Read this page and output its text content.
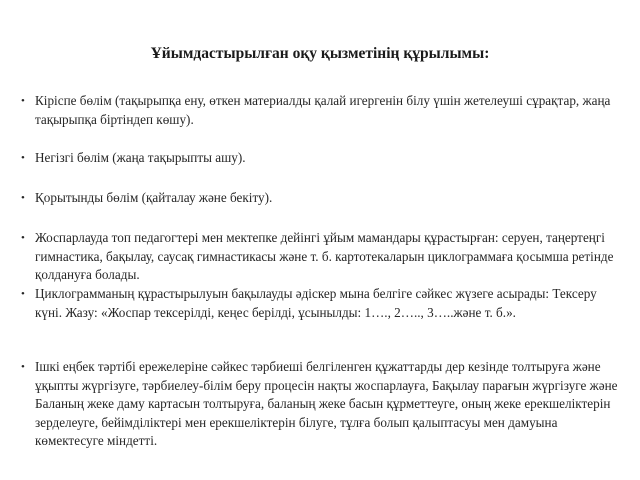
Ұйымдастырылған оқу қызметінің құрылымы:
• Кіріспе бөлім (тақырыпқа ену, өткен материалды қалай игергенін білу үшін жетелеуші сұрақтар, жаңа тақырыпқа біртіндеп көшу).
• Негізгі бөлім (жаңа тақырыпты ашу).
• Қорытынды бөлім (қайталау және бекіту).
• Жоспарлауда топ педагогтері мен мектепке дейінгі ұйым мамандары құрастырған: серуен, таңертеңгі гимнастика, бақылау, саусақ гимнастикасы және т. б. картотекаларын циклограммаға қосымша ретінде қолдануға болады.
• Циклограмманың құрастырылуын бақылауды әдіскер мына белгіге сәйкес жүзеге асырады: Тексеру күні. Жазу: «Жоспар тексерілді, кеңес берілді, ұсынылды: 1…., 2….., 3…..және т. б.».
• Ішкі еңбек тәртібі ережелеріне сәйкес тәрбиеші белгіленген құжаттарды дер кезінде толтыруға және ұқыпты жүргізуге, тәрбиелеу-білім беру процесін нақты жоспарлауға, Бақылау парағын жүргізуге және Баланың жеке даму картасын толтыруға, баланың жеке басын құрметтеуге, оның жеке ерекшеліктерін зерделеуге, бейімділіктері мен ерекшеліктерін білуге, тұлға болып қалыптасуы мен дамуына көмектесуге міндетті.
